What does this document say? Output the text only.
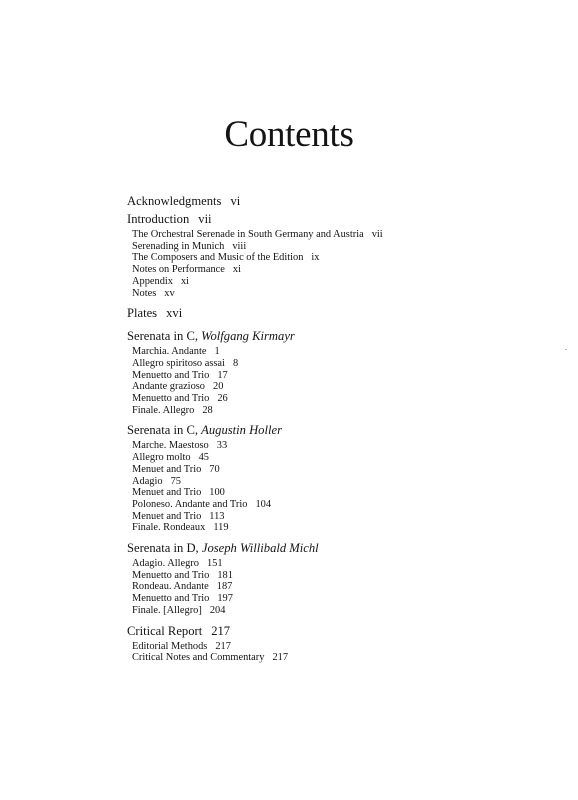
Contents
Acknowledgments vi
Introduction vii
The Orchestral Serenade in South Germany and Austria vii
Serenading in Munich viii
The Composers and Music of the Edition ix
Notes on Performance xi
Appendix xi
Notes xv
Plates xvi
Serenata in C, Wolfgang Kirmayr
Marchia. Andante 1
Allegro spiritoso assai 8
Menuetto and Trio 17
Andante grazioso 20
Menuetto and Trio 26
Finale. Allegro 28
Serenata in C, Augustin Holler
Marche. Maestoso 33
Allegro molto 45
Menuet and Trio 70
Adagio 75
Menuet and Trio 100
Poloneso. Andante and Trio 104
Menuet and Trio 113
Finale. Rondeaux 119
Serenata in D, Joseph Willibald Michl
Adagio. Allegro 151
Menuetto and Trio 181
Rondeau. Andante 187
Menuetto and Trio 197
Finale. [Allegro] 204
Critical Report 217
Editorial Methods 217
Critical Notes and Commentary 217
